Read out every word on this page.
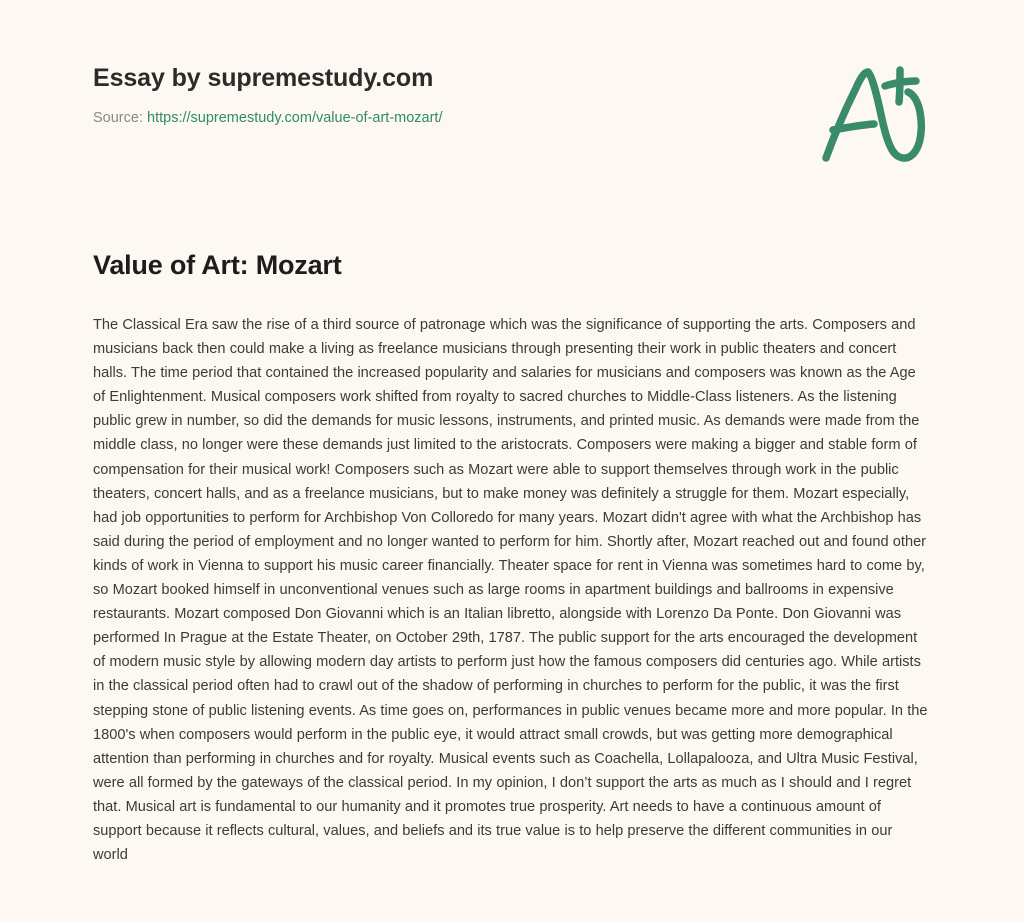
Essay by supremestudy.com
Source: https://supremestudy.com/value-of-art-mozart/
Value of Art: Mozart

The Classical Era saw the rise of a third source of patronage which was the significance of supporting the arts. Composers and musicians back then could make a living as freelance musicians through presenting their work in public theaters and concert halls. The time period that contained the increased popularity and salaries for musicians and composers was known as the Age of Enlightenment. Musical composers work shifted from royalty to sacred churches to Middle-Class listeners. As the listening public grew in number, so did the demands for music lessons, instruments, and printed music. As demands were made from the middle class, no longer were these demands just limited to the aristocrats. Composers were making a bigger and stable form of compensation for their musical work! Composers such as Mozart were able to support themselves through work in the public theaters, concert halls, and as a freelance musicians, but to make money was definitely a struggle for them. Mozart especially, had job opportunities to perform for Archbishop Von Colloredo for many years. Mozart didn't agree with what the Archbishop has said during the period of employment and no longer wanted to perform for him. Shortly after, Mozart reached out and found other kinds of work in Vienna to support his music career financially. Theater space for rent in Vienna was sometimes hard to come by, so Mozart booked himself in unconventional venues such as large rooms in apartment buildings and ballrooms in expensive restaurants. Mozart composed Don Giovanni which is an Italian libretto, alongside with Lorenzo Da Ponte. Don Giovanni was performed In Prague at the Estate Theater, on October 29th, 1787. The public support for the arts encouraged the development of modern music style by allowing modern day artists to perform just how the famous composers did centuries ago. While artists in the classical period often had to crawl out of the shadow of performing in churches to perform for the public, it was the first stepping stone of public listening events. As time goes on, performances in public venues became more and more popular. In the 1800's when composers would perform in the public eye, it would attract small crowds, but was getting more demographical attention than performing in churches and for royalty. Musical events such as Coachella, Lollapalooza, and Ultra Music Festival, were all formed by the gateways of the classical period. In my opinion, I don’t support the arts as much as I should and I regret that. Musical art is fundamental to our humanity and it promotes true prosperity. Art needs to have a continuous amount of support because it reflects cultural, values, and beliefs and its true value is to help preserve the different communities in our world
